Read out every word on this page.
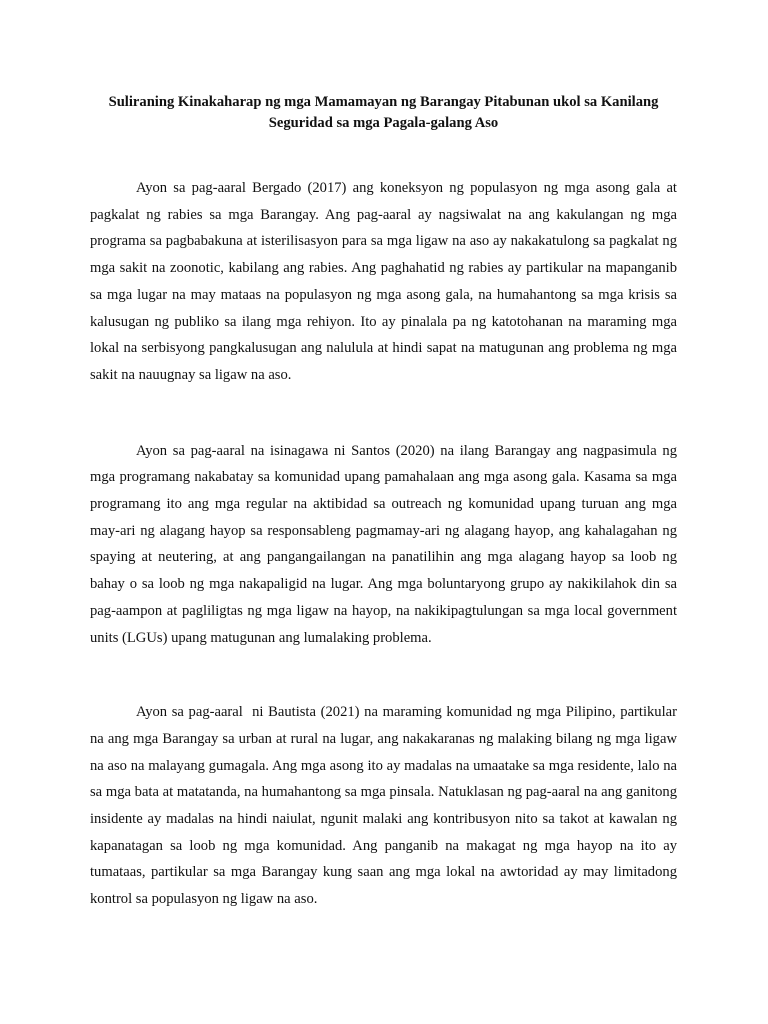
Suliraning Kinakaharap ng mga Mamamayan ng Barangay Pitabunan ukol sa Kanilang Seguridad sa mga Pagala-galang Aso

Ayon sa pag-aaral Bergado (2017) ang koneksyon ng populasyon ng mga asong gala at pagkalat ng rabies sa mga Barangay. Ang pag-aaral ay nagsiwalat na ang kakulangan ng mga programa sa pagbabakuna at isterilisasyon para sa mga ligaw na aso ay nakakatulong sa pagkalat ng mga sakit na zoonotic, kabilang ang rabies. Ang paghahatid ng rabies ay partikular na mapanganib sa mga lugar na may mataas na populasyon ng mga asong gala, na humahantong sa mga krisis sa kalusugan ng publiko sa ilang mga rehiyon. Ito ay pinalala pa ng katotohanan na maraming mga lokal na serbisyong pangkalusugan ang nalulula at hindi sapat na matugunan ang problema ng mga sakit na nauugnay sa ligaw na aso.

Ayon sa pag-aaral na isinagawa ni Santos (2020) na ilang Barangay ang nagpasimula ng mga programang nakabatay sa komunidad upang pamahalaan ang mga asong gala. Kasama sa mga programang ito ang mga regular na aktibidad sa outreach ng komunidad upang turuan ang mga may-ari ng alagang hayop sa responsableng pagmamay-ari ng alagang hayop, ang kahalagahan ng spaying at neutering, at ang pangangailangan na panatilihin ang mga alagang hayop sa loob ng bahay o sa loob ng mga nakapaligid na lugar. Ang mga boluntaryong grupo ay nakikilahok din sa pag-aampon at pagliligtas ng mga ligaw na hayop, na nakikipagtulungan sa mga local government units (LGUs) upang matugunan ang lumalaking problema.

Ayon sa pag-aaral  ni Bautista (2021) na maraming komunidad ng mga Pilipino, partikular na ang mga Barangay sa urban at rural na lugar, ang nakakaranas ng malaking bilang ng mga ligaw na aso na malayang gumagala. Ang mga asong ito ay madalas na umaatake sa mga residente, lalo na sa mga bata at matatanda, na humahantong sa mga pinsala. Natuklasan ng pag-aaral na ang ganitong insidente ay madalas na hindi naiulat, ngunit malaki ang kontribusyon nito sa takot at kawalan ng kapanatagan sa loob ng mga komunidad. Ang panganib na makagat ng mga hayop na ito ay tumataas, partikular sa mga Barangay kung saan ang mga lokal na awtoridad ay may limitadong kontrol sa populasyon ng ligaw na aso.
